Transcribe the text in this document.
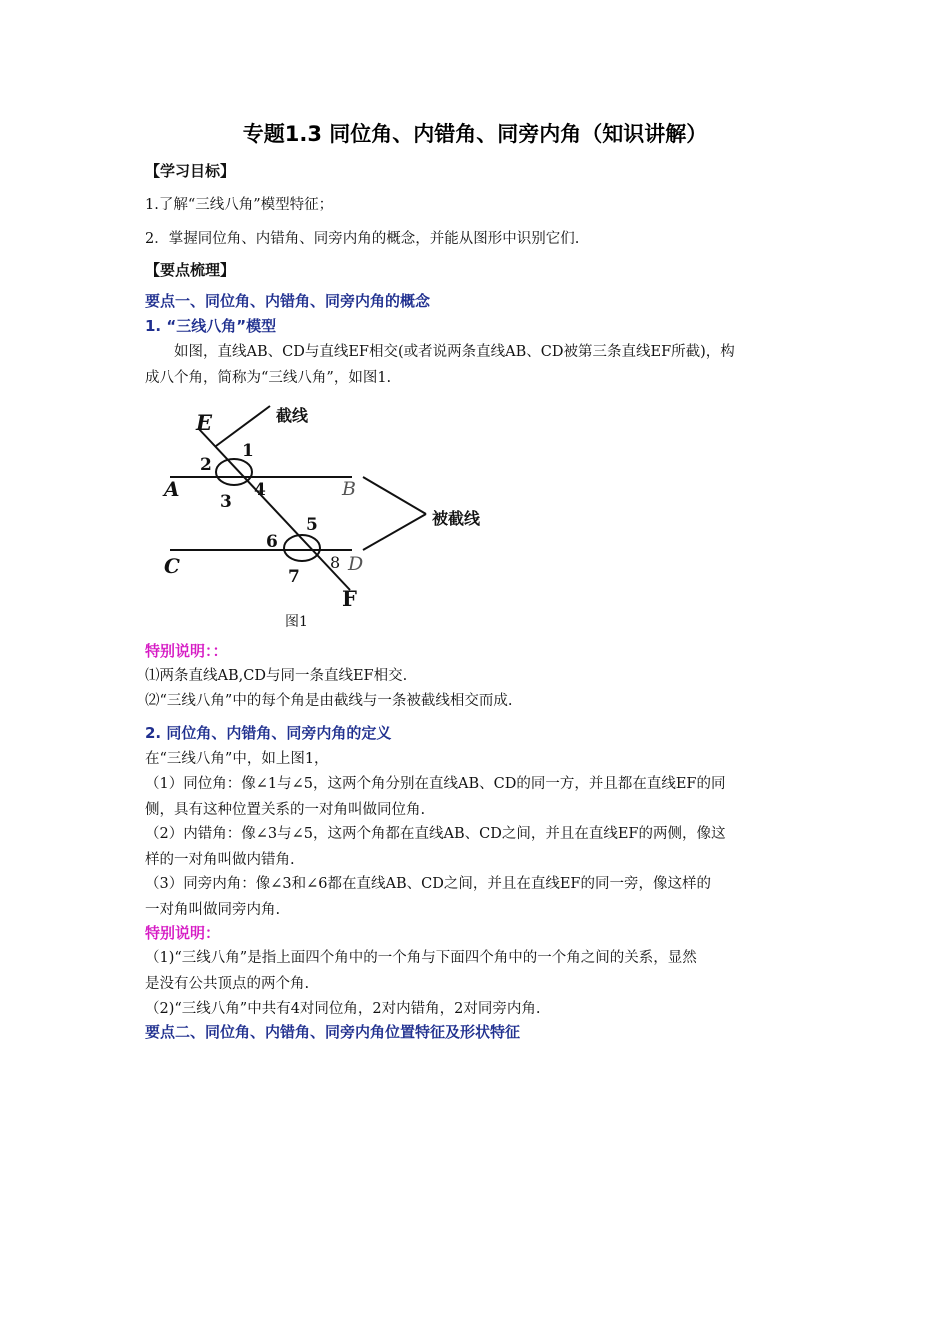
专题1.3 同位角、内错角、同旁内角（知识讲解）
【学习目标】
1.了解“三线八角”模型特征；
2．掌握同位角、内错角、同旁内角的概念，并能从图形中识别它们.
【要点梳理】
要点一、同位角、内错角、同旁内角的概念
1. “三线八角”模型
　　如图，直线AB、CD与直线EF相交(或者说两条直线AB、CD被第三条直线EF所截)，构
成八个角，简称为“三线八角”，如图1.
E
F
A	B
C	D
1
2
3
4
5
6
7
8
截线
被截线
图1
特别说明：：
⑴两条直线AB,CD与同一条直线EF相交.
⑵“三线八角”中的每个角是由截线与一条被截线相交而成.
2. 同位角、内错角、同旁内角的定义
在“三线八角”中，如上图1，
（1）同位角：像∠1与∠5，这两个角分别在直线AB、CD的同一方，并且都在直线EF的同
侧，具有这种位置关系的一对角叫做同位角.
（2）内错角：像∠3与∠5，这两个角都在直线AB、CD之间，并且在直线EF的两侧，像这
样的一对角叫做内错角.
（3）同旁内角：像∠3和∠6都在直线AB、CD之间，并且在直线EF的同一旁，像这样的
一对角叫做同旁内角.
特别说明：
（1)“三线八角”是指上面四个角中的一个角与下面四个角中的一个角之间的关系，显然
是没有公共顶点的两个角.
（2)“三线八角”中共有4对同位角，2对内错角，2对同旁内角.
要点二、同位角、内错角、同旁内角位置特征及形状特征
